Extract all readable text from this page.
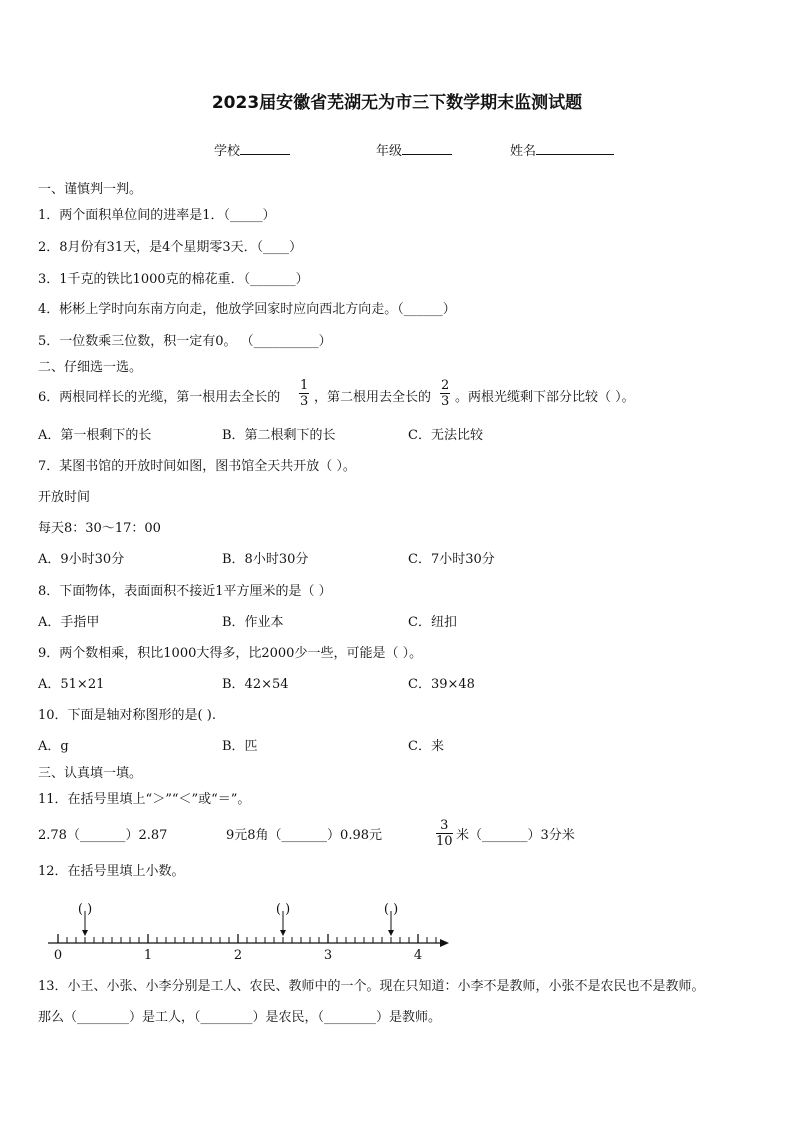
2023届安徽省芜湖无为市三下数学期末监测试题
学校	年级	姓名
一、谨慎判一判。
1．两个面积单位间的进率是1．（_____）
2．8月份有31天，是4个星期零3天．（____）
3．1千克的铁比1000克的棉花重．（_______）
4．彬彬上学时向东南方向走，他放学回家时应向西北方向走。（______）
5．一位数乘三位数，积一定有0。 （__________）
二、仔细选一选。
6．两根同样长的光缆，第一根用去全长的 $\frac{1}{3}$ ，第二根用去全长的 $\frac{2}{3}$ 。两根光缆剩下部分比较（ ）。
A．第一根剩下的长	B．第二根剩下的长	C．无法比较
7．某图书馆的开放时间如图，图书馆全天共开放（ ）。
开放时间
每天8：30～17：00
A．9小时30分	B．8小时30分	C．7小时30分
8．下面物体，表面面积不接近1平方厘米的是（ ）
A．手指甲	B．作业本	C．纽扣
9．两个数相乘，积比1000大得多，比2000少一些，可能是（ ）。
A．51×21	B．42×54	C．39×48
10．下面是轴对称图形的是( ).
A．g	B．匹	C．来
三、认真填一填。
11．在括号里填上“＞”“＜”或“＝”。
2.78（_______）2.87	9元8角（_______）0.98元	$\frac{3}{10}$ 米（_______）3分米
12．在括号里填上小数。
0	1	2	3	4
( )	( )	( )
13．小王、小张、小李分别是工人、农民、教师中的一个。现在只知道：小李不是教师，小张不是农民也不是教师。
那么（________）是工人，（________）是农民，（________）是教师。
